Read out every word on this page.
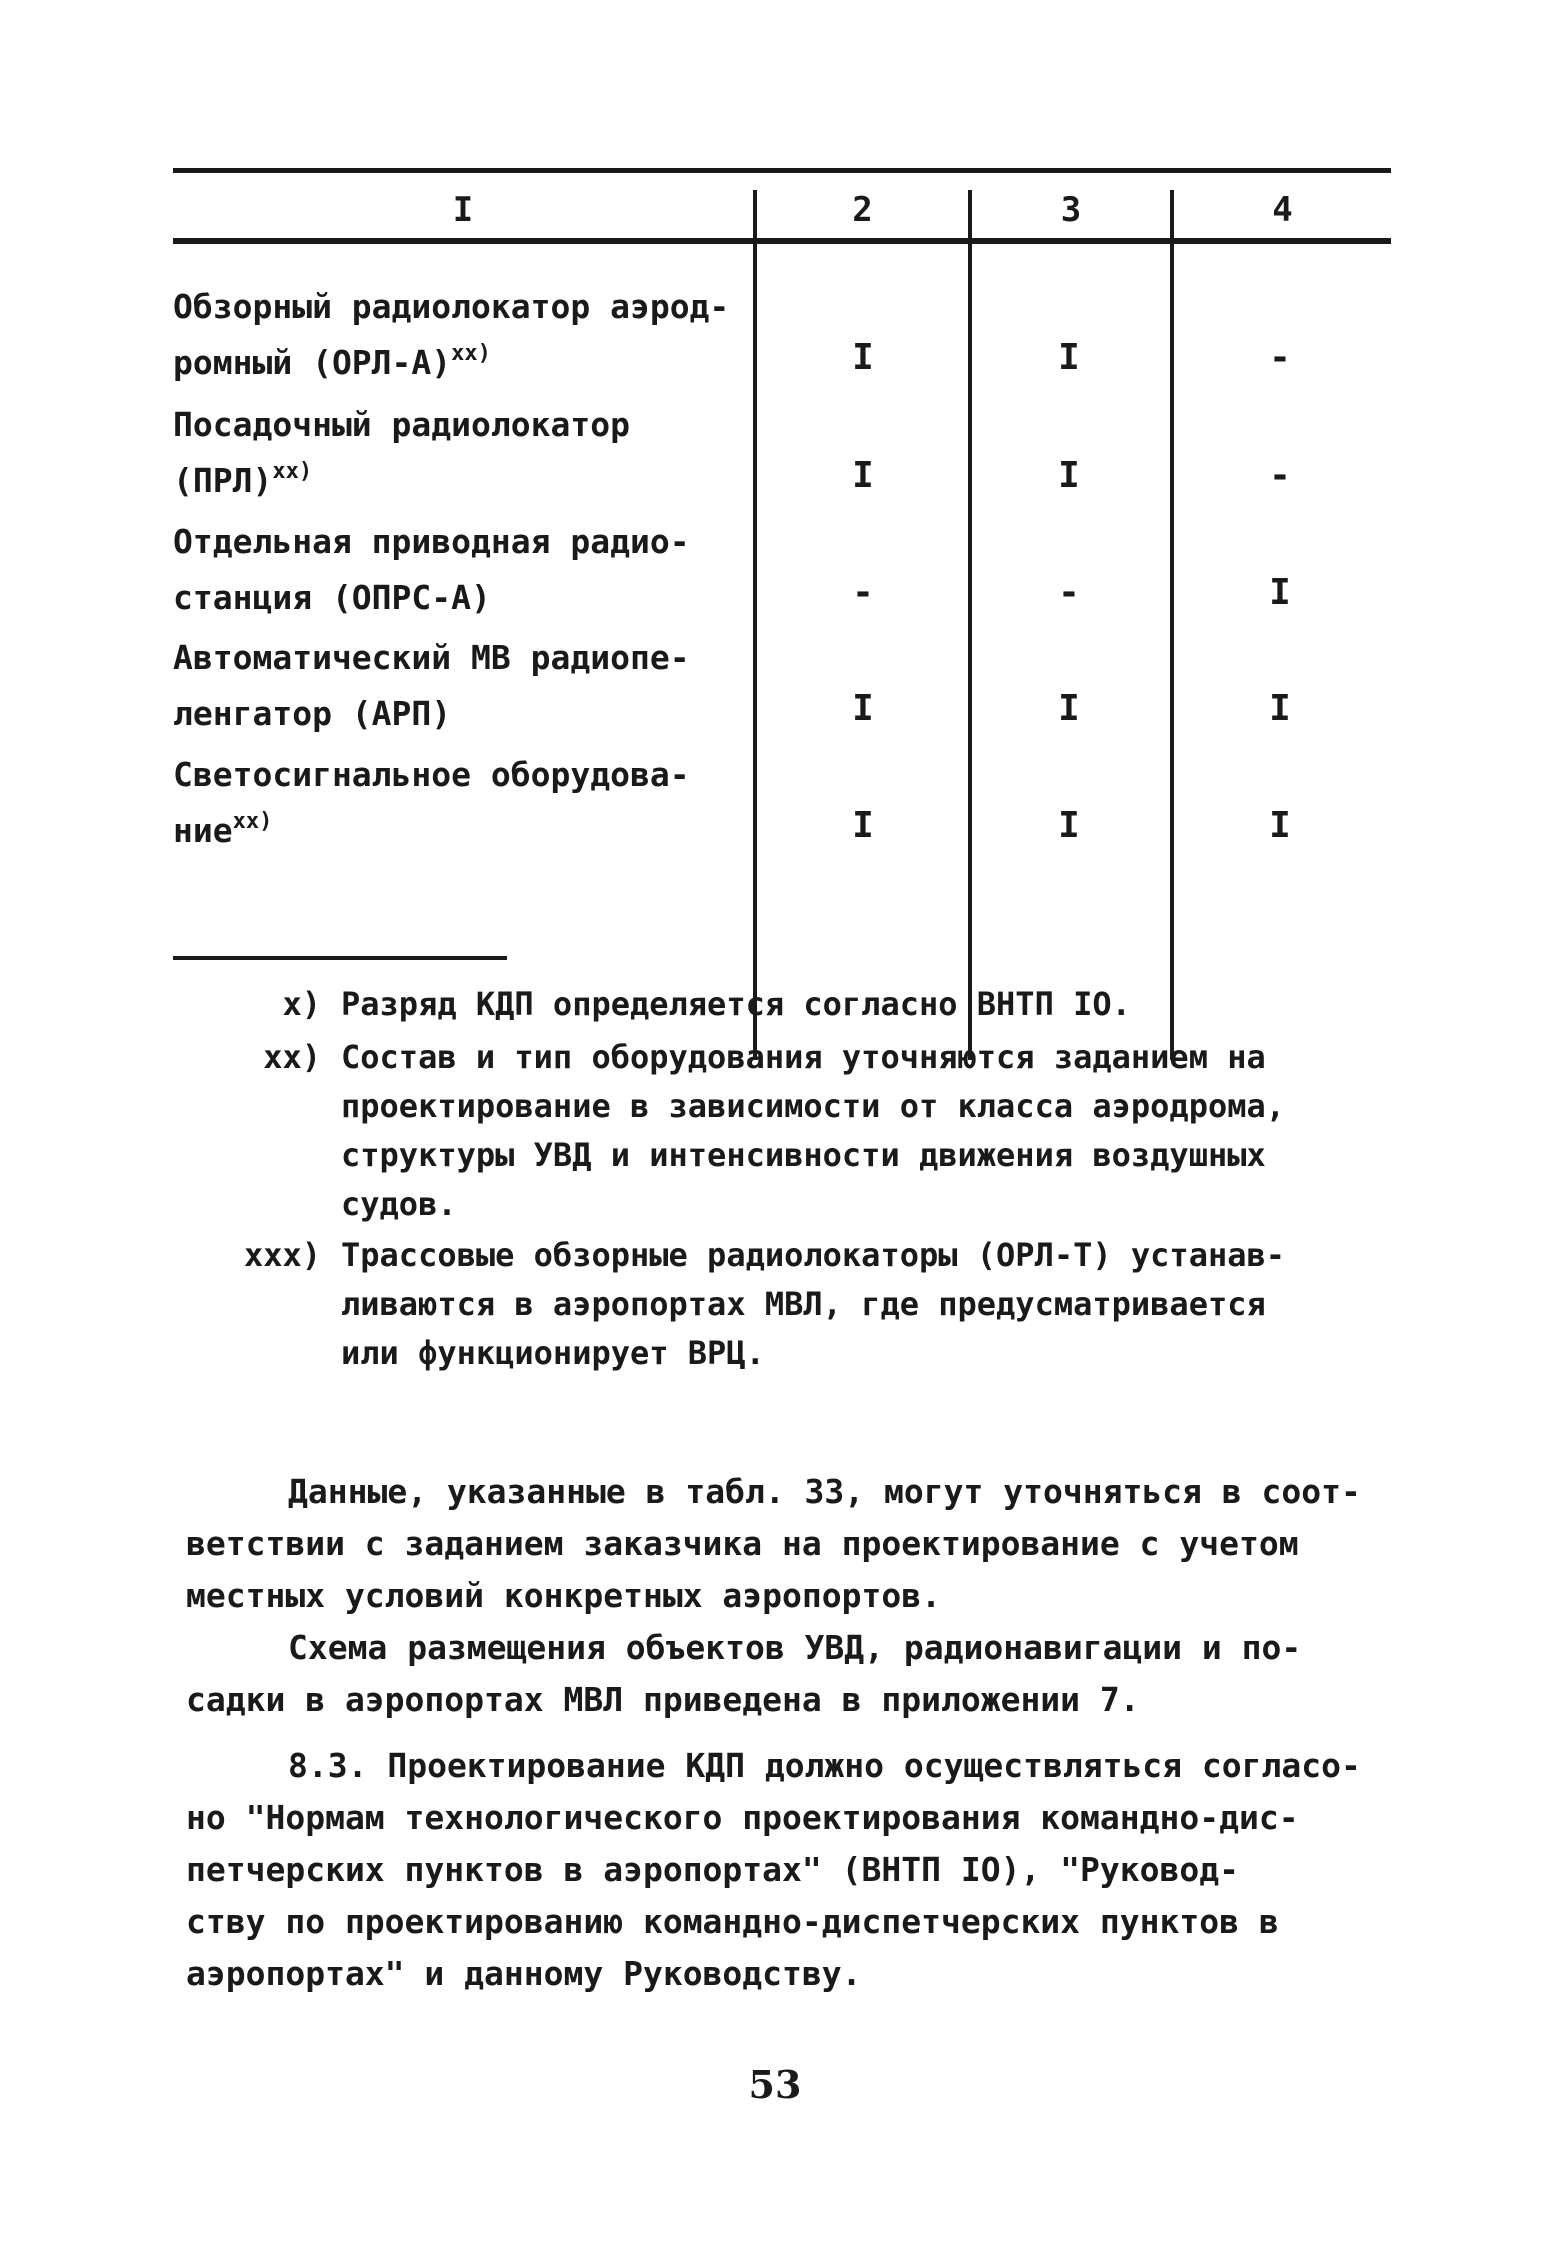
I	2	3	4
Обзорный радиолокатор аэрод-
ромный $(ОРЛ-А)^{xx)}$	I	I	-
Посадочный радиолокатор
(ПРЛ)$^{xx)}$	I	I	-
Отдельная приводная радио-
станция (ОПРС-А)	-	-	I
Автоматический МВ радиопе-
ленгатор (АРП)	I	I	I
Светосигнальное оборудова-
ние$^{xx)}$	I	I	I
x) Разряд КДП определяется согласно ВНТП IO.
xx) Состав и тип оборудования уточняются заданием на
проектирование в зависимости от класса аэродрома,
структуры УВД и интенсивности движения воздушных
судов.
xxx) Трассовые обзорные радиолокаторы (ОРЛ-Т) устанав-
ливаются в аэропортах МВЛ, где предусматривается
или функционирует ВРЦ.
Данные, указанные в табл. 33, могут уточняться в соот-
ветствии с заданием заказчика на проектирование с учетом
местных условий конкретных аэропортов.
Схема размещения объектов УВД, радионавигации и по-
садки в аэропортах МВЛ приведена в приложении 7.
8.3. Проектирование КДП должно осуществляться согласо-
но "Нормам технологического проектирования командно-дис-
петчерских пунктов в аэропортах" (ВНТП IO), "Руковод-
ству по проектированию командно-диспетчерских пунктов в
аэропортах" и данному Руководству.
53
